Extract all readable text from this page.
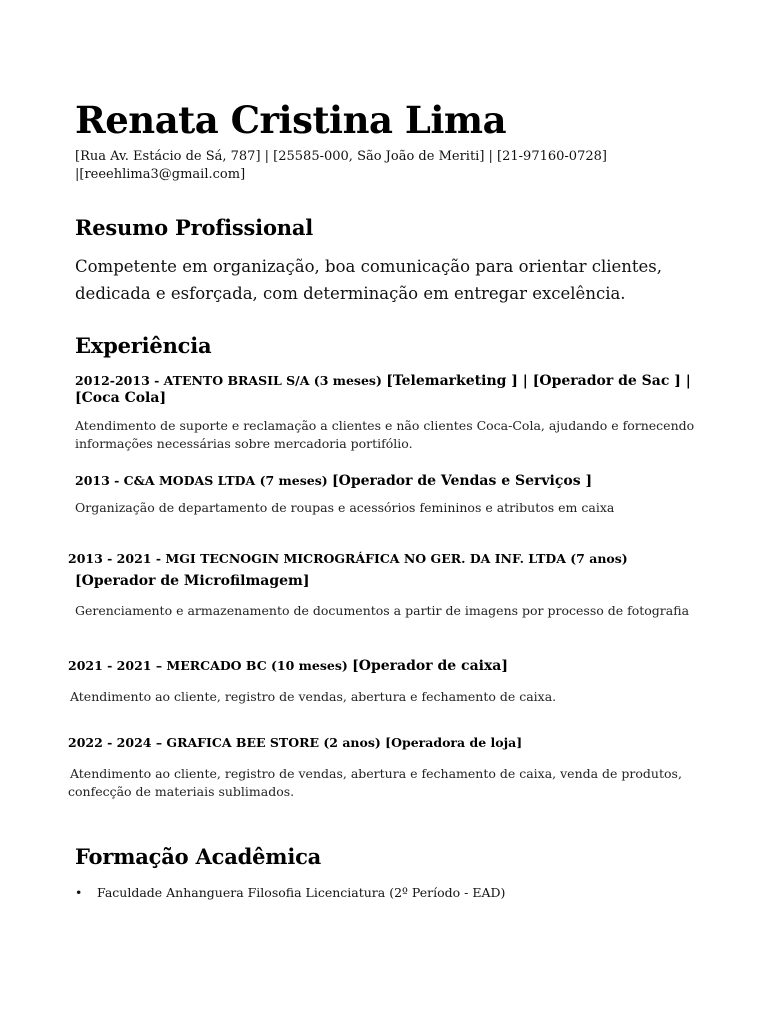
Renata Cristina Lima
[Rua Av. Estácio de Sá, 787] | [25585-000, São João de Meriti] | [21-97160-0728]
|[reeehlima3@gmail.com]
Resumo Profissional
Competente em organização, boa comunicação para orientar clientes,
dedicada e esforçada, com determinação em entregar excelência.
Experiência
2012-2013 - ATENTO BRASIL S/A (3 meses) [Telemarketing ] | [Operador de Sac ] |
[Coca Cola]
Atendimento de suporte e reclamação a clientes e não clientes Coca-Cola, ajudando e fornecendo
informações necessárias sobre mercadoria portifólio.
2013 - C&A MODAS LTDA (7 meses) [Operador de Vendas e Serviços ]
Organização de departamento de roupas e acessórios femininos e atributos em caixa
2013 - 2021 - MGI TECNOGIN MICROGRÁFICA NO GER. DA INF. LTDA (7 anos)
[Operador de Microfilmagem]
Gerenciamento e armazenamento de documentos a partir de imagens por processo de fotografia
2021 - 2021 – MERCADO BC (10 meses) [Operador de caixa]
Atendimento ao cliente, registro de vendas, abertura e fechamento de caixa.
2022 - 2024 – GRAFICA BEE STORE (2 anos) [Operadora de loja]
Atendimento ao cliente, registro de vendas, abertura e fechamento de caixa, venda de produtos,
confecção de materiais sublimados.
Formação Acadêmica
• Faculdade Anhanguera Filosofia Licenciatura (2º Período - EAD)
